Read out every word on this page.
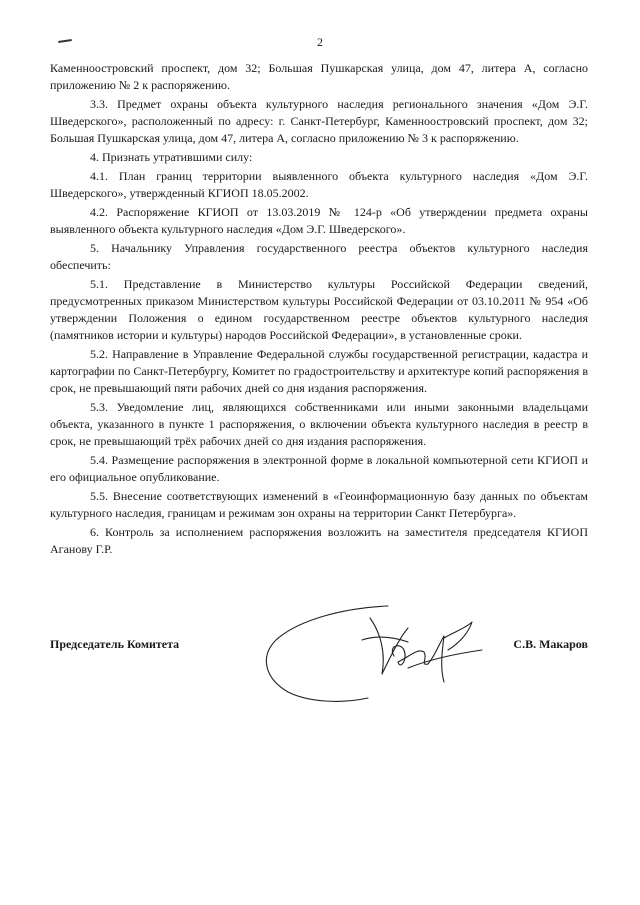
2

Каменноостровский проспект, дом 32; Большая Пушкарская улица, дом 47, литера А, согласно приложению № 2 к распоряжению.

3.3. Предмет охраны объекта культурного наследия регионального значения «Дом Э.Г. Шведерского», расположенный по адресу: г. Санкт-Петербург, Каменноостровский проспект, дом 32; Большая Пушкарская улица, дом 47, литера А, согласно приложению № 3 к распоряжению.

4. Признать утратившими силу:

4.1. План границ территории выявленного объекта культурного наследия «Дом Э.Г. Шведерского», утвержденный КГИОП 18.05.2002.

4.2. Распоряжение КГИОП от 13.03.2019 № 124-р «Об утверждении предмета охраны выявленного объекта культурного наследия «Дом Э.Г. Шведерского».

5. Начальнику Управления государственного реестра объектов культурного наследия обеспечить:

5.1. Представление в Министерство культуры Российской Федерации сведений, предусмотренных приказом Министерством культуры Российской Федерации от 03.10.2011 № 954 «Об утверждении Положения о едином государственном реестре объектов культурного наследия (памятников истории и культуры) народов Российской Федерации», в установленные сроки.

5.2. Направление в Управление Федеральной службы государственной регистрации, кадастра и картографии по Санкт-Петербургу, Комитет по градостроительству и архитектуре копий распоряжения в срок, не превышающий пяти рабочих дней со дня издания распоряжения.

5.3. Уведомление лиц, являющихся собственниками или иными законными владельцами объекта, указанного в пункте 1 распоряжения, о включении объекта культурного наследия в реестр в срок, не превышающий трёх рабочих дней со дня издания распоряжения.

5.4. Размещение распоряжения в электронной форме в локальной компьютерной сети КГИОП и его официальное опубликование.

5.5. Внесение соответствующих изменений в «Геоинформационную базу данных по объектам культурного наследия, границам и режимам зон охраны на территории Санкт Петербурга».

6. Контроль за исполнением распоряжения возложить на заместителя председателя КГИОП Аганову Г.Р.

Председатель Комитета	С.В. Макаров
